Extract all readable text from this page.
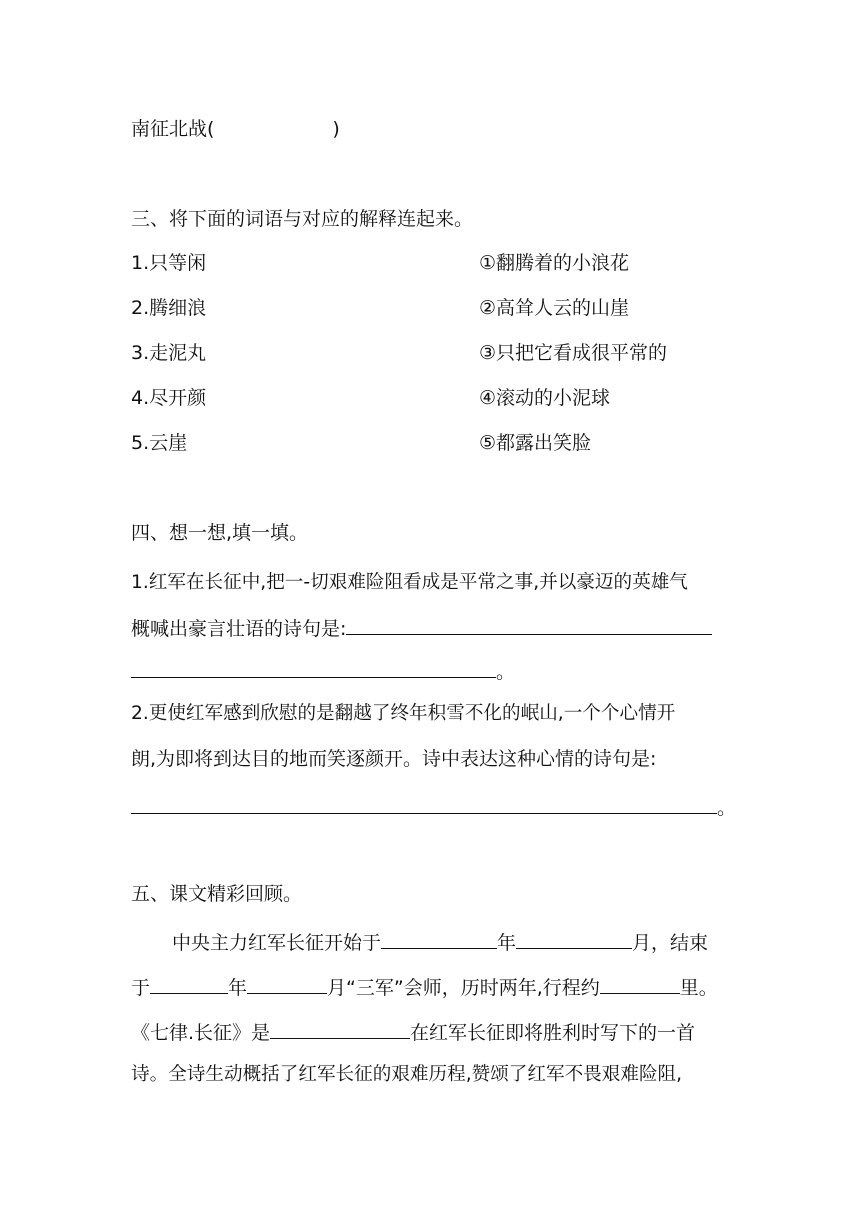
南征北战(	)
三、将下面的词语与对应的解释连起来。
1.只等闲	①翻腾着的小浪花
2.腾细浪	②高耸人云的山崖
3.走泥丸	③只把它看成很平常的
4.尽开颜	④滚动的小泥球
5.云崖	⑤都露出笑脸
四、想一想,填一填。
1.红军在长征中,把一-切艰难险阻看成是平常之事,并以豪迈的英雄气
概喊出豪言壮语的诗句是:
。
2.更使红军感到欣慰的是翻越了终年积雪不化的岷山,一个个心情开
朗,为即将到达目的地而笑逐颜开。诗中表达这种心情的诗句是:
。
五、课文精彩回顾。
中央主力红军长征开始于	年	月，结束
于	年	月“三军”会师，历时两年,行程约	里。
《七律.长征》是	在红军长征即将胜利时写下的一首
诗。全诗生动概括了红军长征的艰难历程,赞颂了红军不畏艰难险阻,
